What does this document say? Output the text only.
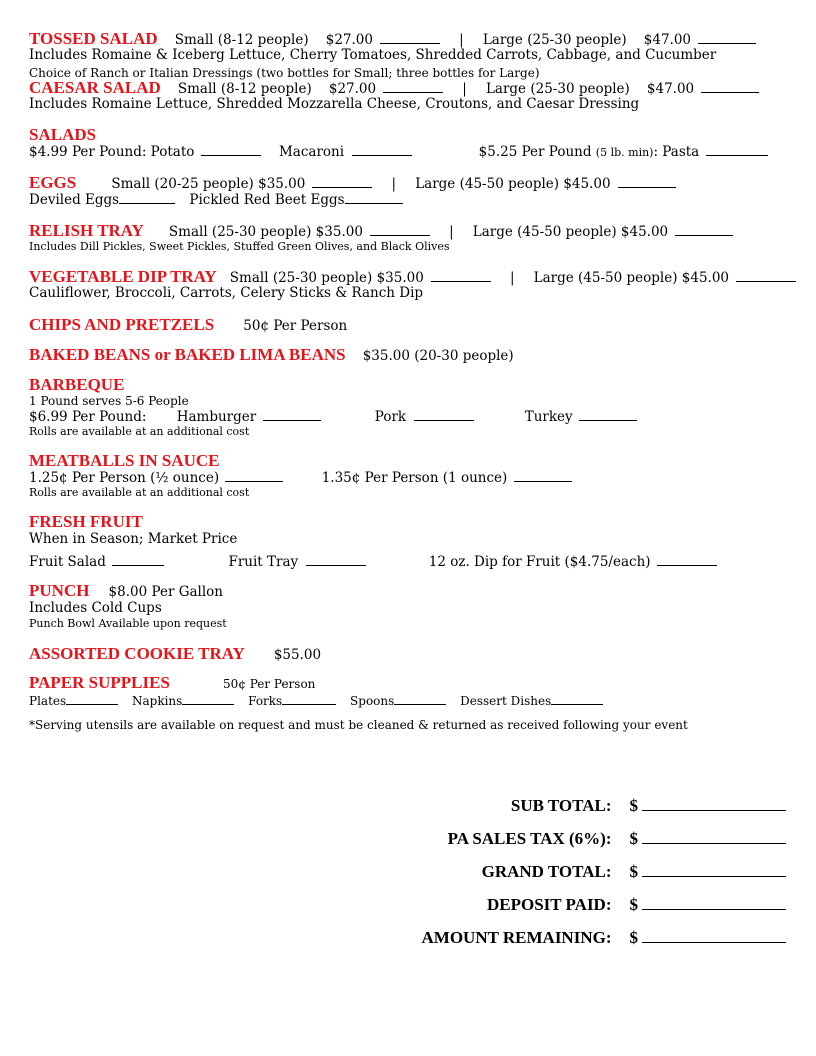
TOSSED SALAD Small (8-12 people) $27.00	| Large (25-30 people) $47.00
Includes Romaine & Iceberg Lettuce, Cherry Tomatoes, Shredded Carrots, Cabbage, and Cucumber
Choice of Ranch or Italian Dressings (two bottles for Small; three bottles for Large)
CAESAR SALAD Small (8-12 people) $27.00	| Large (25-30 people) $47.00
Includes Romaine Lettuce, Shredded Mozzarella Cheese, Croutons, and Caesar Dressing
SALADS
$4.99 Per Pound: Potato	Macaroni	$5.25 Per Pound (5 lb. min): Pasta
EGGS	Small (20-25 people) $35.00	| Large (45-50 people) $45.00
Deviled Eggs	Pickled Red Beet Eggs
RELISH TRAY Small (25-30 people) $35.00	| Large (45-50 people) $45.00
Includes Dill Pickles, Sweet Pickles, Stuffed Green Olives, and Black Olives
VEGETABLE DIP TRAY Small (25-30 people) $35.00	| Large (45-50 people) $45.00
Cauliflower, Broccoli, Carrots, Celery Sticks & Ranch Dip
CHIPS AND PRETZELS 50¢ Per Person
BAKED BEANS or BAKED LIMA BEANS $35.00 (20-30 people)
BARBEQUE
1 Pound serves 5-6 People
$6.99 Per Pound: Hamburger	Pork	Turkey
Rolls are available at an additional cost
MEATBALLS IN SAUCE
1.25¢ Per Person (½ ounce)	1.35¢ Per Person (1 ounce)
Rolls are available at an additional cost
FRESH FRUIT
When in Season; Market Price
Fruit Salad	Fruit Tray	12 oz. Dip for Fruit ($4.75/each)
PUNCH $8.00 Per Gallon
Includes Cold Cups
Punch Bowl Available upon request
ASSORTED COOKIE TRAY $55.00
PAPER SUPPLIES	50¢ Per Person
Plates	Napkins	Forks	Spoons	Dessert Dishes
*Serving utensils are available on request and must be cleaned & returned as received following your event
SUB TOTAL: $
PA SALES TAX (6%): $
GRAND TOTAL: $
DEPOSIT PAID: $
AMOUNT REMAINING: $
